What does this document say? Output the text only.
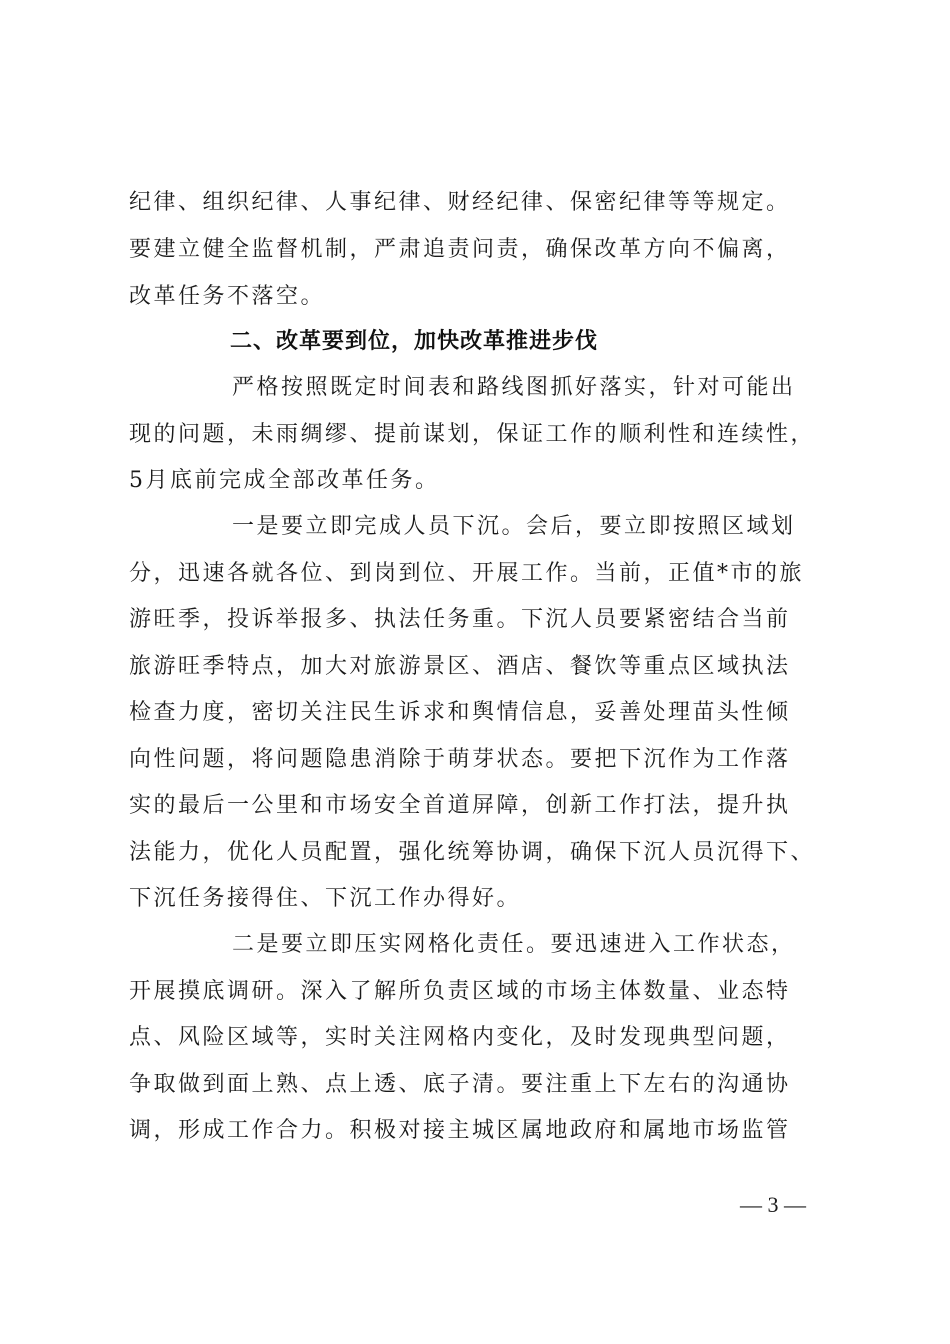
纪律、组织纪律、人事纪律、财经纪律、保密纪律等等规定。
要建立健全监督机制，严肃追责问责，确保改革方向不偏离，
改革任务不落空。
二、改革要到位，加快改革推进步伐
严格按照既定时间表和路线图抓好落实，针对可能出
现的问题，未雨绸缪、提前谋划，保证工作的顺利性和连续性，
5月底前完成全部改革任务。
一是要立即完成人员下沉。会后，要立即按照区域划
分，迅速各就各位、到岗到位、开展工作。当前，正值*市的旅
游旺季，投诉举报多、执法任务重。下沉人员要紧密结合当前
旅游旺季特点，加大对旅游景区、酒店、餐饮等重点区域执法
检查力度，密切关注民生诉求和舆情信息，妥善处理苗头性倾
向性问题，将问题隐患消除于萌芽状态。要把下沉作为工作落
实的最后一公里和市场安全首道屏障，创新工作打法，提升执
法能力，优化人员配置，强化统筹协调，确保下沉人员沉得下、
下沉任务接得住、下沉工作办得好。
二是要立即压实网格化责任。要迅速进入工作状态，
开展摸底调研。深入了解所负责区域的市场主体数量、业态特
点、风险区域等，实时关注网格内变化，及时发现典型问题，
争取做到面上熟、点上透、底子清。要注重上下左右的沟通协
调，形成工作合力。积极对接主城区属地政府和属地市场监管
— 3 —
